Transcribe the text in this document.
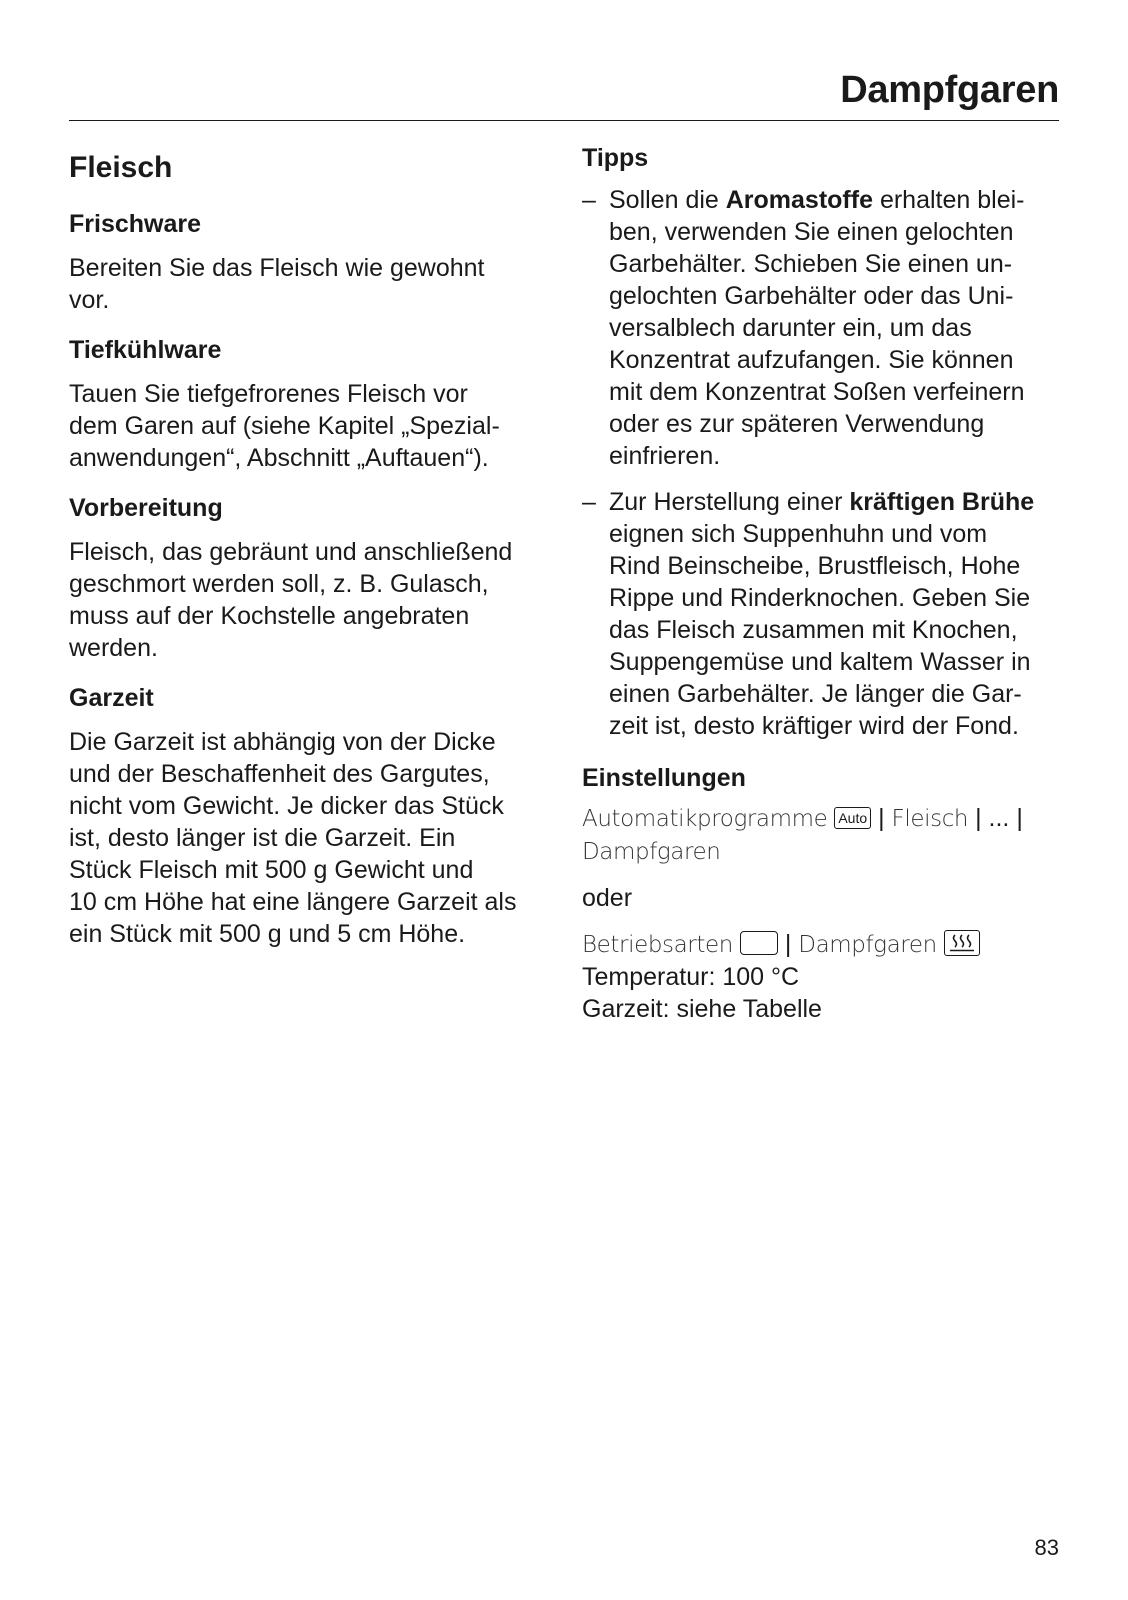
Dampfgaren
Fleisch
Frischware
Bereiten Sie das Fleisch wie gewohnt
vor.
Tiefkühlware
Tauen Sie tiefgefrorenes Fleisch vor
dem Garen auf (siehe Kapitel „Spezial-
anwendungen“, Abschnitt „Auftauen“).
Vorbereitung
Fleisch, das gebräunt und anschließend
geschmort werden soll, z. B. Gulasch,
muss auf der Kochstelle angebraten
werden.
Garzeit
Die Garzeit ist abhängig von der Dicke
und der Beschaffenheit des Gargutes,
nicht vom Gewicht. Je dicker das Stück
ist, desto länger ist die Garzeit. Ein
Stück Fleisch mit 500 g Gewicht und
10 cm Höhe hat eine längere Garzeit als
ein Stück mit 500 g und 5 cm Höhe.
Tipps
– Sollen die Aromastoffe erhalten blei-
ben, verwenden Sie einen gelochten
Garbehälter. Schieben Sie einen un-
gelochten Garbehälter oder das Uni-
versalblech darunter ein, um das
Konzentrat aufzufangen. Sie können
mit dem Konzentrat Soßen verfeinern
oder es zur späteren Verwendung
einfrieren.
– Zur Herstellung einer kräftigen Brühe
eignen sich Suppenhuhn und vom
Rind Beinscheibe, Brustfleisch, Hohe
Rippe und Rinderknochen. Geben Sie
das Fleisch zusammen mit Knochen,
Suppengemüse und kaltem Wasser in
einen Garbehälter. Je länger die Gar-
zeit ist, desto kräftiger wird der Fond.
Einstellungen
Automatikprogramme Auto | Fleisch | ... |
Dampfgaren
oder
Betriebsarten | Dampfgaren
Temperatur: 100 °C
Garzeit: siehe Tabelle
83
